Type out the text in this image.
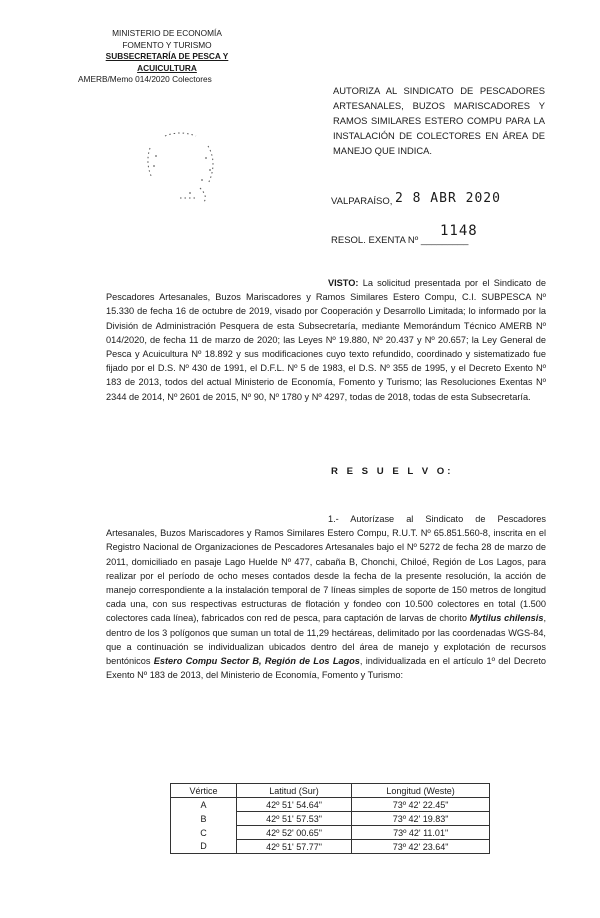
MINISTERIO DE ECONOMÍA
FOMENTO Y TURISMO
SUBSECRETARÍA DE PESCA Y ACUICULTURA
AMERB/Memo 014/2020 Colectores
AUTORIZA AL SINDICATO DE PESCADORES ARTESANALES, BUZOS MARISCADORES Y RAMOS SIMILARES ESTERO COMPU PARA LA INSTALACIÓN DE COLECTORES EN ÁREA DE MANEJO QUE INDICA.
VALPARAÍSO, 2 8 ABR 2020
RESOL. EXENTA Nº _________
1148
VISTO: La solicitud presentada por el Sindicato de Pescadores Artesanales, Buzos Mariscadores y Ramos Similares Estero Compu, C.I. SUBPESCA Nº 15.330 de fecha 16 de octubre de 2019, visado por Cooperación y Desarrollo Limitada; lo informado por la División de Administración Pesquera de esta Subsecretaría, mediante Memorándum Técnico AMERB Nº 014/2020, de fecha 11 de marzo de 2020; las Leyes Nº 19.880, Nº 20.437 y Nº 20.657; la Ley General de Pesca y Acuicultura Nº 18.892 y sus modificaciones cuyo texto refundido, coordinado y sistematizado fue fijado por el D.S. Nº 430 de 1991, el D.F.L. Nº 5 de 1983, el D.S. Nº 355 de 1995, y el Decreto Exento Nº 183 de 2013, todos del actual Ministerio de Economía, Fomento y Turismo; las Resoluciones Exentas Nº 2344 de 2014, Nº 2601 de 2015, Nº 90, Nº 1780 y Nº 4297, todas de 2018, todas de esta Subsecretaría.
R E S U E L V O:
1.- Autorízase al Sindicato de Pescadores Artesanales, Buzos Mariscadores y Ramos Similares Estero Compu, R.U.T. Nº 65.851.560-8, inscrita en el Registro Nacional de Organizaciones de Pescadores Artesanales bajo el Nº 5272 de fecha 28 de marzo de 2011, domiciliado en pasaje Lago Huelde Nº 477, cabaña B, Chonchi, Chiloé, Región de Los Lagos, para realizar por el período de ocho meses contados desde la fecha de la presente resolución, la acción de manejo correspondiente a la instalación temporal de 7 líneas simples de soporte de 150 metros de longitud cada una, con sus respectivas estructuras de flotación y fondeo con 10.500 colectores en total (1.500 colectores cada línea), fabricados con red de pesca, para captación de larvas de chorito Mytilus chilensis, dentro de los 3 polígonos que suman un total de 11,29 hectáreas, delimitado por las coordenadas WGS-84, que a continuación se individualizan ubicados dentro del área de manejo y explotación de recursos bentónicos Estero Compu Sector B, Región de Los Lagos, individualizada en el artículo 1º del Decreto Exento Nº 183 de 2013, del Ministerio de Economía, Fomento y Turismo:
Vértice	Latitud (Sur)	Longitud (Weste)
A	42º 51' 54.64"	73º 42' 22.45"
B	42º 51' 57.53"	73º 42' 19.83"
C	42º 52' 00.65"	73º 42' 11.01"
D	42º 51' 57.77"	73º 42' 23.64"
